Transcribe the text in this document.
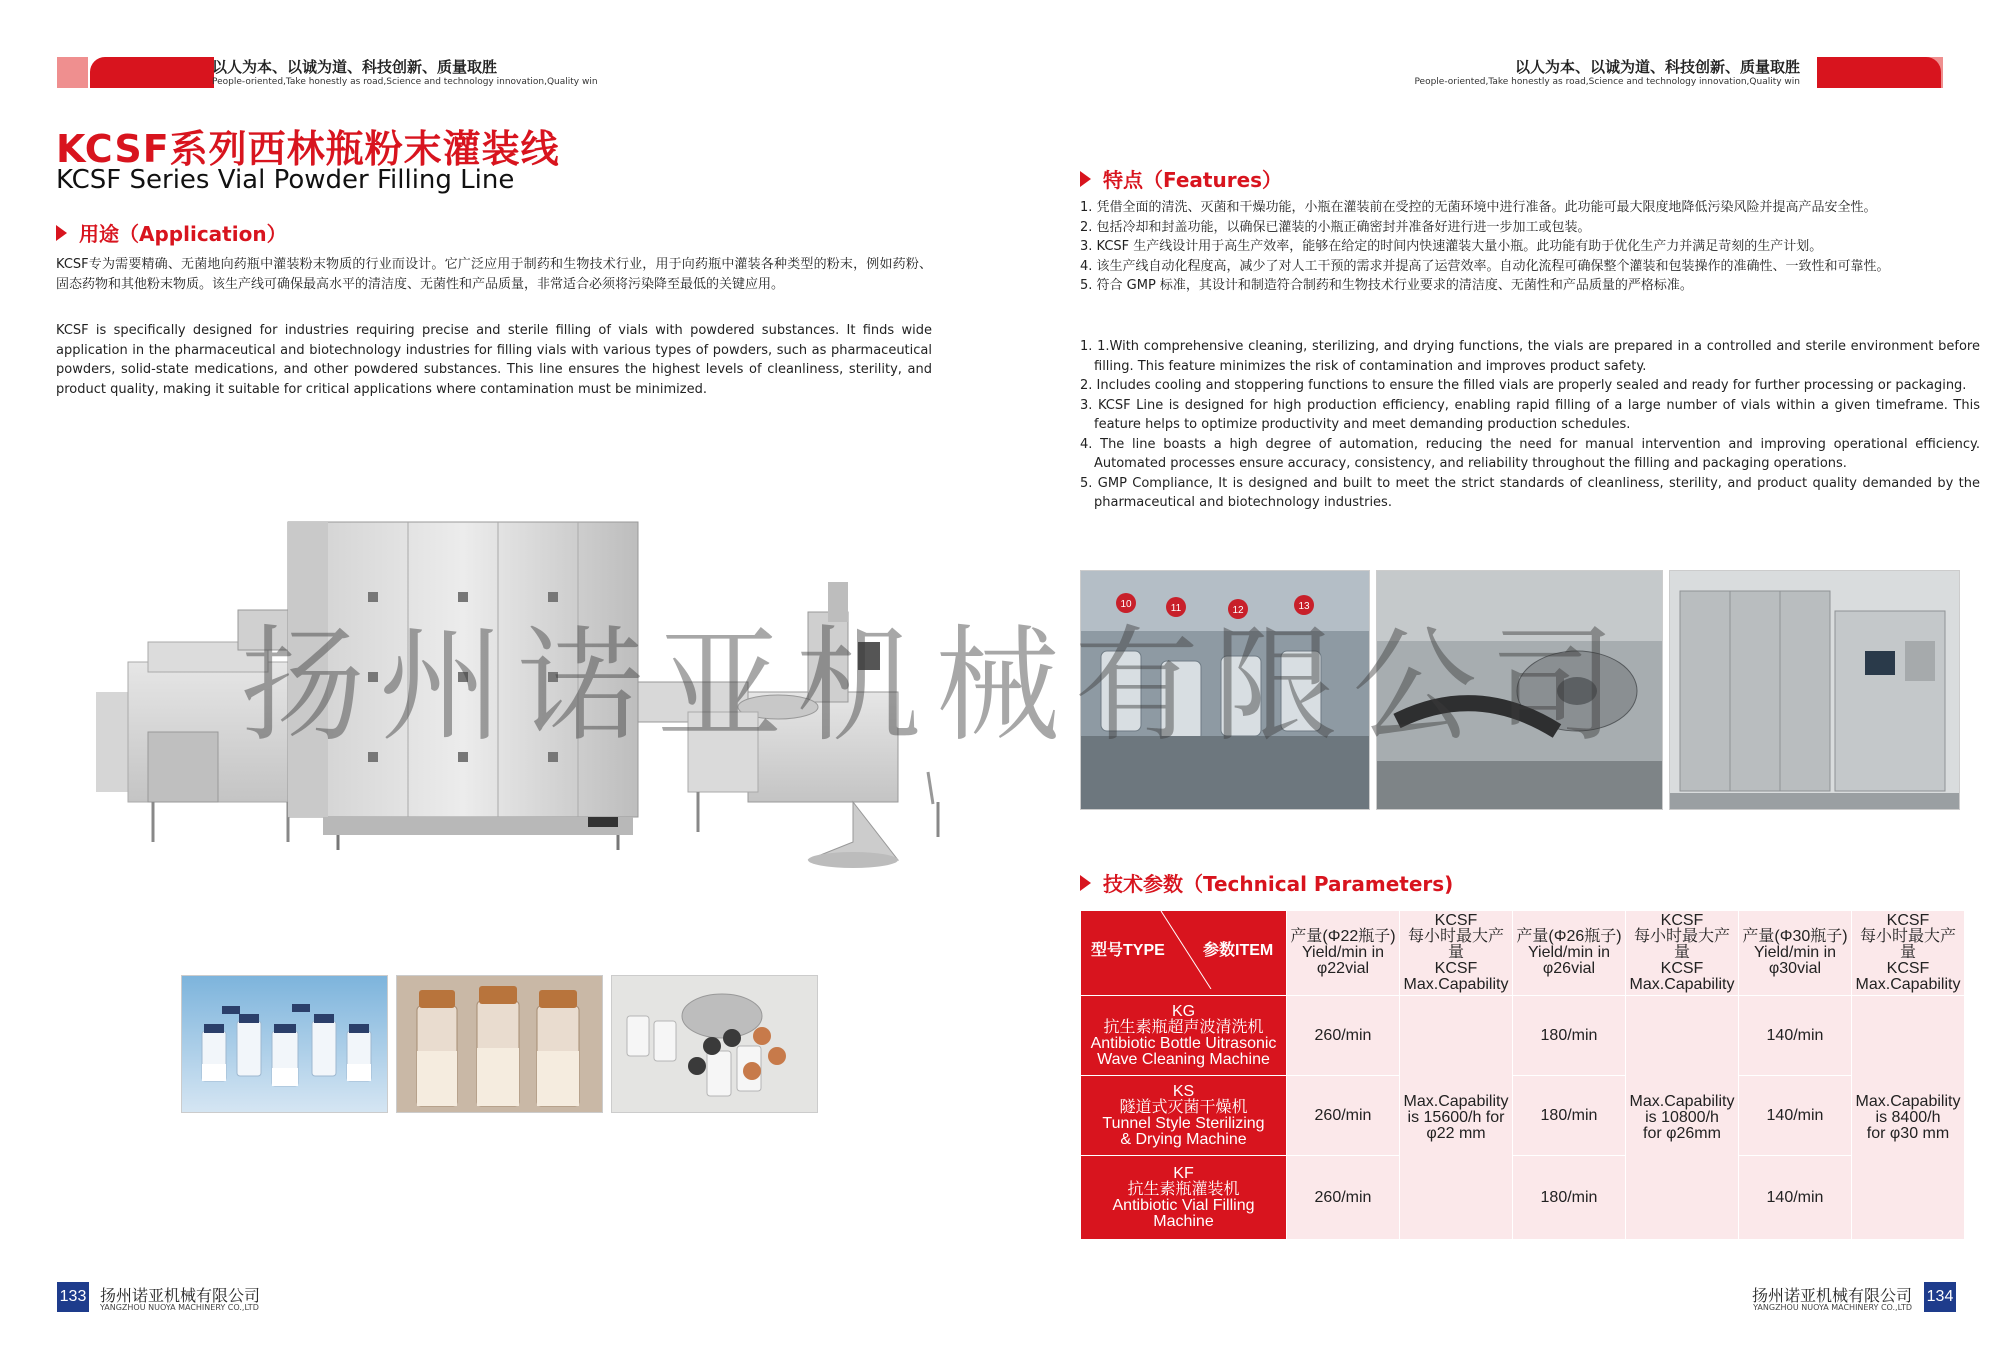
以人为本、以诚为道、科技创新、质量取胜
People-oriented,Take honestly as road,Science and technology innovation,Quality win
以人为本、以诚为道、科技创新、质量取胜
People-oriented,Take honestly as road,Science and technology innovation,Quality win
KCSF系列西林瓶粉末灌装线
KCSF Series Vial Powder Filling Line
用途（Application）
KCSF专为需要精确、无菌地向药瓶中灌装粉末物质的行业而设计。它广泛应用于制药和生物技术行业，用于向药瓶中灌装各种类型的粉末，例如药粉、固态药物和其他粉末物质。该生产线可确保最高水平的清洁度、无菌性和产品质量，非常适合必须将污染降至最低的关键应用。
KCSF is specifically designed for industries requiring precise and sterile filling of vials with powdered substances. It finds wide application in the pharmaceutical and biotechnology industries for filling vials with various types of powders, such as pharmaceutical powders, solid-state medications, and other powdered substances. This line ensures the highest levels of cleanliness, sterility, and product quality, making it suitable for critical applications where contamination must be minimized.
特点（Features）
1. 凭借全面的清洗、灭菌和干燥功能，小瓶在灌装前在受控的无菌环境中进行准备。此功能可最大限度地降低污染风险并提高产品安全性。
2. 包括冷却和封盖功能，以确保已灌装的小瓶正确密封并准备好进行进一步加工或包装。
3. KCSF 生产线设计用于高生产效率，能够在给定的时间内快速灌装大量小瓶。此功能有助于优化生产力并满足苛刻的生产计划。
4. 该生产线自动化程度高，减少了对人工干预的需求并提高了运营效率。自动化流程可确保整个灌装和包装操作的准确性、一致性和可靠性。
5. 符合 GMP 标准，其设计和制造符合制药和生物技术行业要求的清洁度、无菌性和产品质量的严格标准。
1. 1.With comprehensive cleaning, sterilizing, and drying functions, the vials are prepared in a controlled and sterile environment before filling. This feature minimizes the risk of contamination and improves product safety.
2. Includes cooling and stoppering functions to ensure the filled vials are properly sealed and ready for further processing or packaging.
3. KCSF Line is designed for high production efficiency, enabling rapid filling of a large number of vials within a given timeframe. This feature helps to optimize productivity and meet demanding production schedules.
4. The line boasts a high degree of automation, reducing the need for manual intervention and improving operational efficiency. Automated processes ensure accuracy, consistency, and reliability throughout the filling and packaging operations.
5. GMP Compliance, It is designed and built to meet the strict standards of cleanliness, sterility, and product quality demanded by the pharmaceutical and biotechnology industries.
10	11	12	13
技术参数（Technical Parameters)
型号TYPE 参数ITEM	产量(Φ22瓶子)
Yield/min in
φ22vial	KCSF
每小时最大产量
KCSF
Max.Capability	产量(Φ26瓶子)
Yield/min in
φ26vial	KCSF
每小时最大产量
KCSF
Max.Capability	产量(Φ30瓶子)
Yield/min in
φ30vial	KCSF
每小时最大产量
KCSF
Max.Capability
KG
抗生素瓶超声波清洗机
Antibiotic Bottle Uitrasonic
Wave Cleaning Machine	260/min	Max.Capability
is 15600/h for
φ22 mm	180/min	Max.Capability
is 10800/h
for φ26mm	140/min	Max.Capability
is 8400/h
for φ30 mm
KS
隧道式灭菌干燥机
Tunnel Style Sterilizing
& Drying Machine	260/min		180/min		140/min	
KF
抗生素瓶灌装机
Antibiotic Vial Filling
Machine	260/min		180/min		140/min	
扬州诺亚机械有限公司
133 扬州诺亚机械有限公司
YANGZHOU NUOYA MACHINERY CO.,LTD
134
扬州诺亚机械有限公司
YANGZHOU NUOYA MACHINERY CO.,LTD
